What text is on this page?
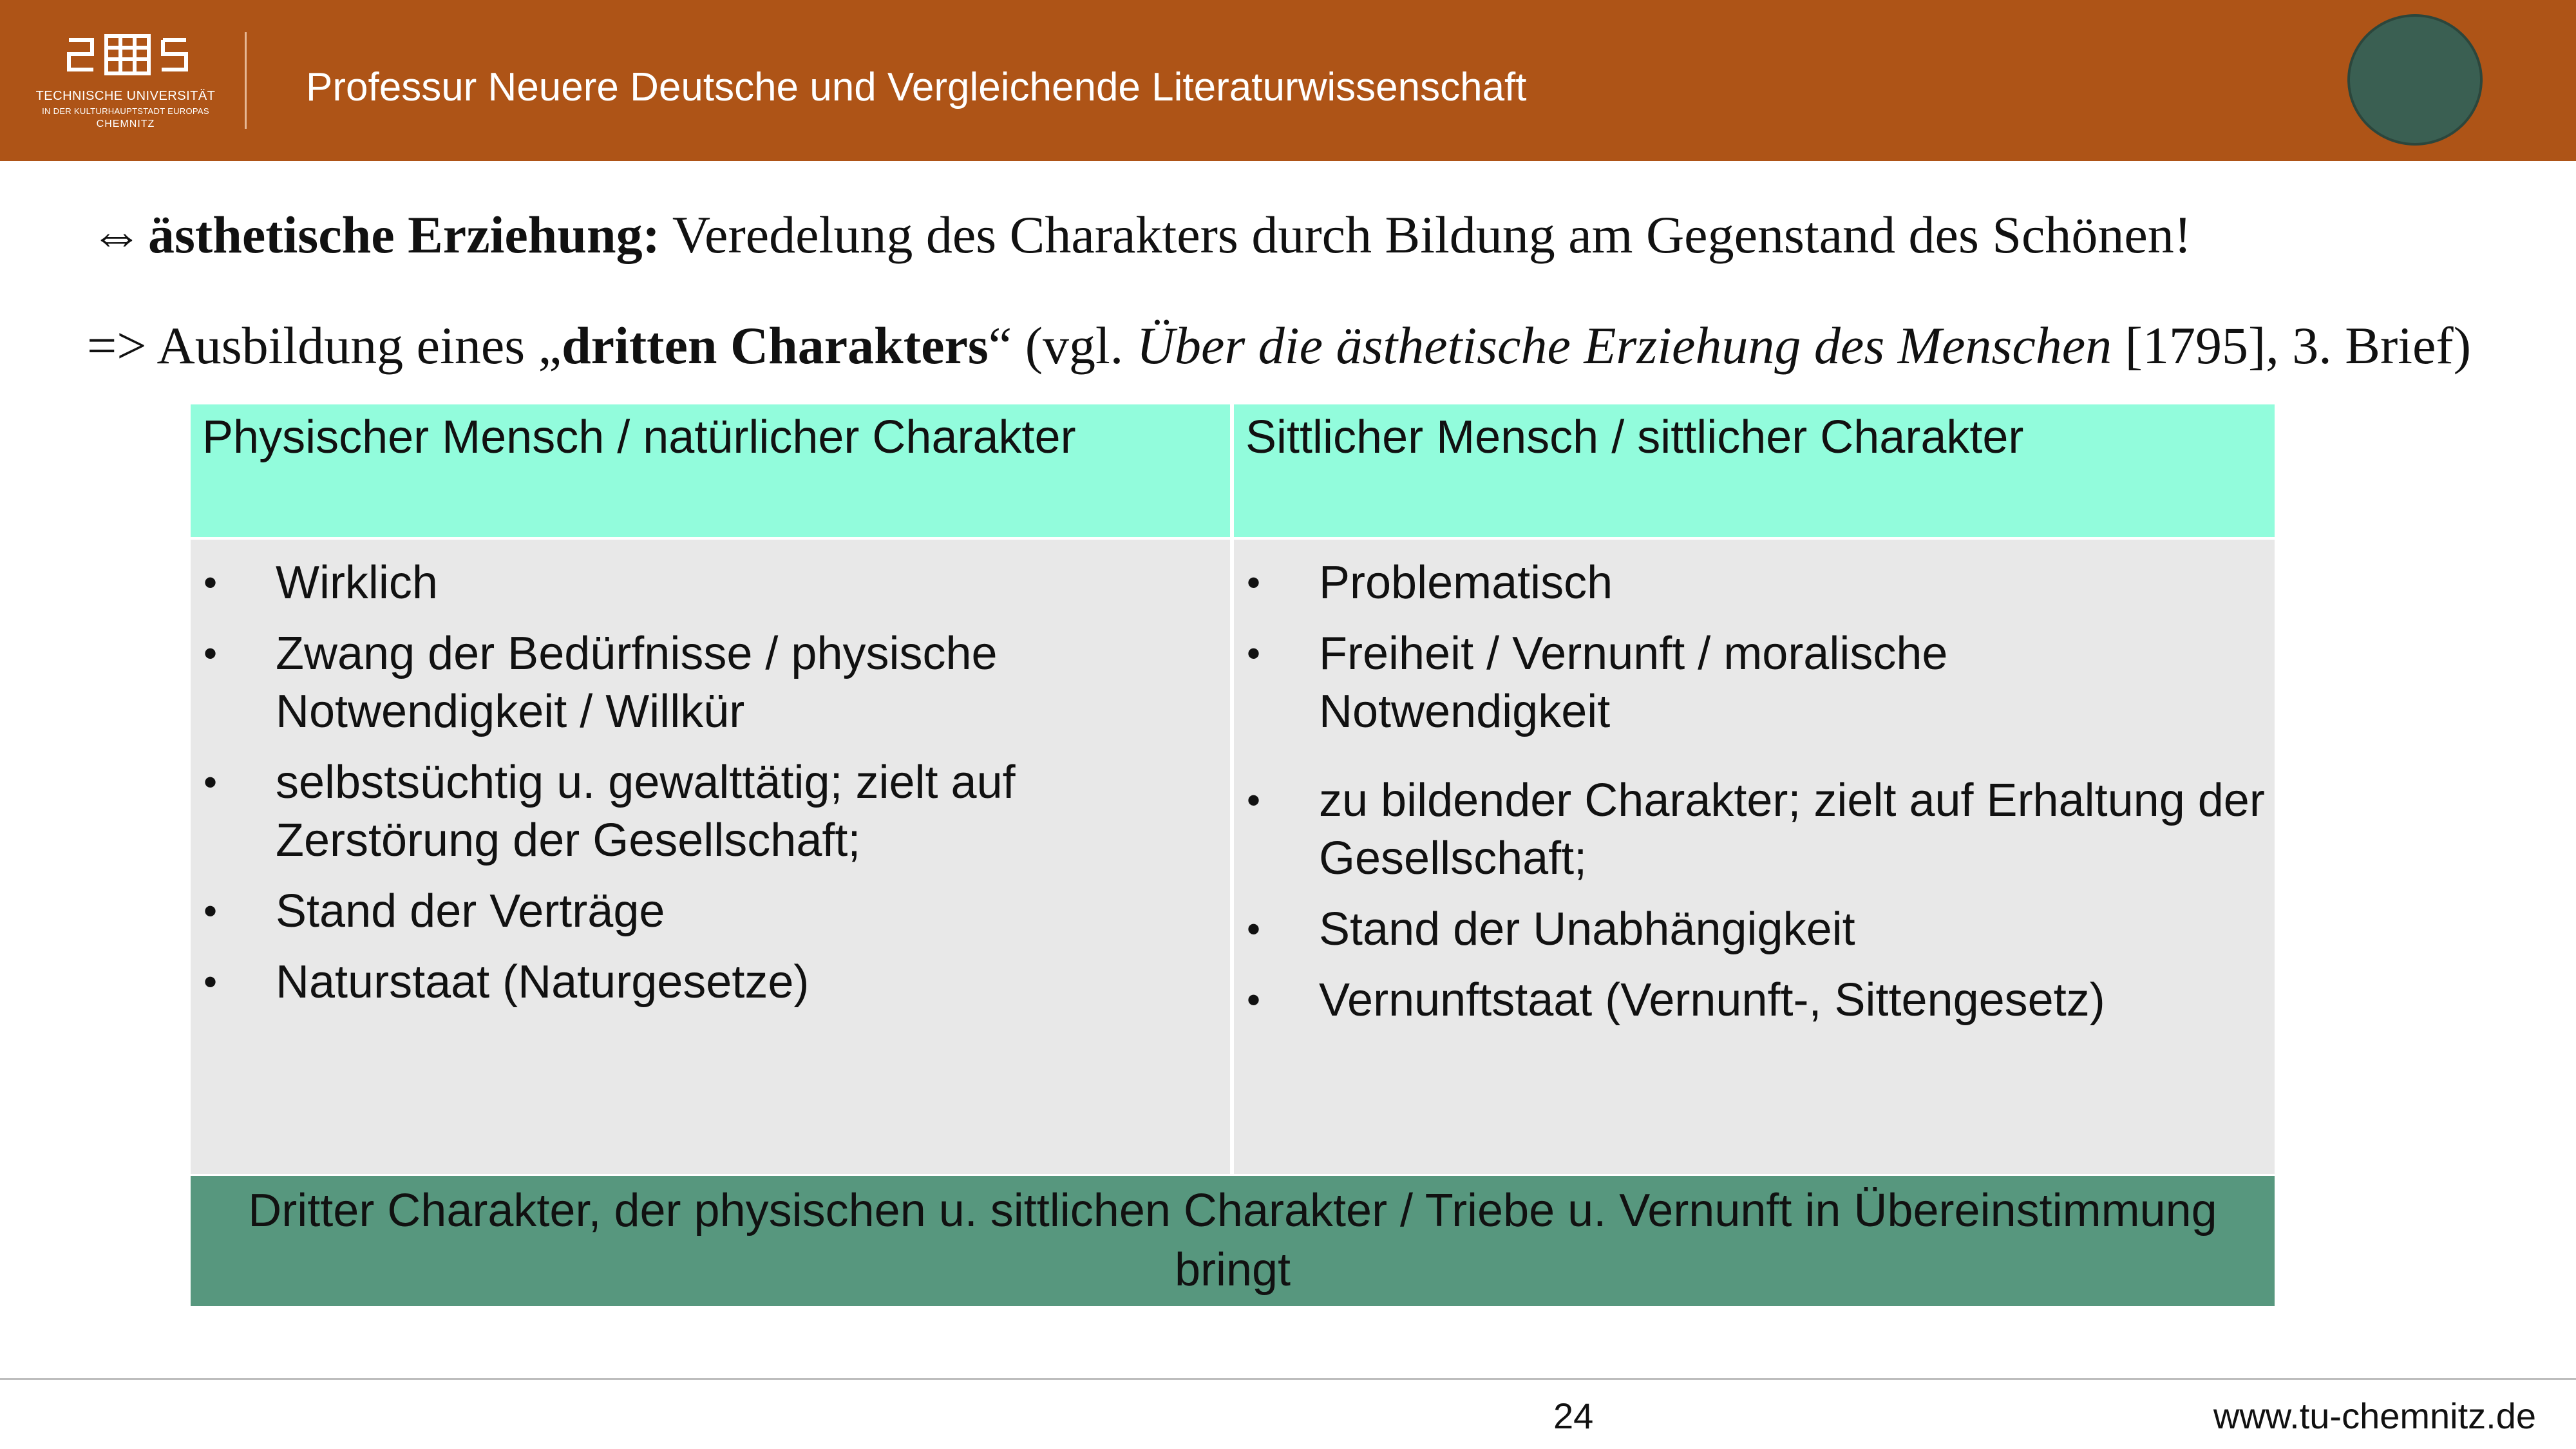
TECHNISCHE UNIVERSITÄT
IN DER KULTURHAUPTSTADT EUROPAS
CHEMNITZ
Professur Neuere Deutsche und Vergleichende Literaturwissenschaft
⇔ästhetische Erziehung: Veredelung des Charakters durch Bildung am Gegenstand des Schönen!
=> Ausbildung eines „dritten Charakters“ (vgl. Über die ästhetische Erziehung des Menschen [1795], 3. Brief)
Physischer Mensch / natürlicher Charakter	Sittlicher Mensch / sittlicher Charakter
• Wirklich
• Zwang der Bedürfnisse / physische Notwendigkeit / Willkür
• selbstsüchtig u. gewalttätig; zielt auf Zerstörung der Gesellschaft;
• Stand der Verträge
• Naturstaat (Naturgesetze)
• Problematisch
• Freiheit / Vernunft / moralische Notwendigkeit
• zu bildender Charakter; zielt auf Erhaltung der Gesellschaft;
• Stand der Unabhängigkeit
• Vernunftstaat (Vernunft-, Sittengesetz)
Dritter Charakter, der physischen u. sittlichen Charakter / Triebe u. Vernunft in Übereinstimmung bringt
24	www.tu-chemnitz.de
